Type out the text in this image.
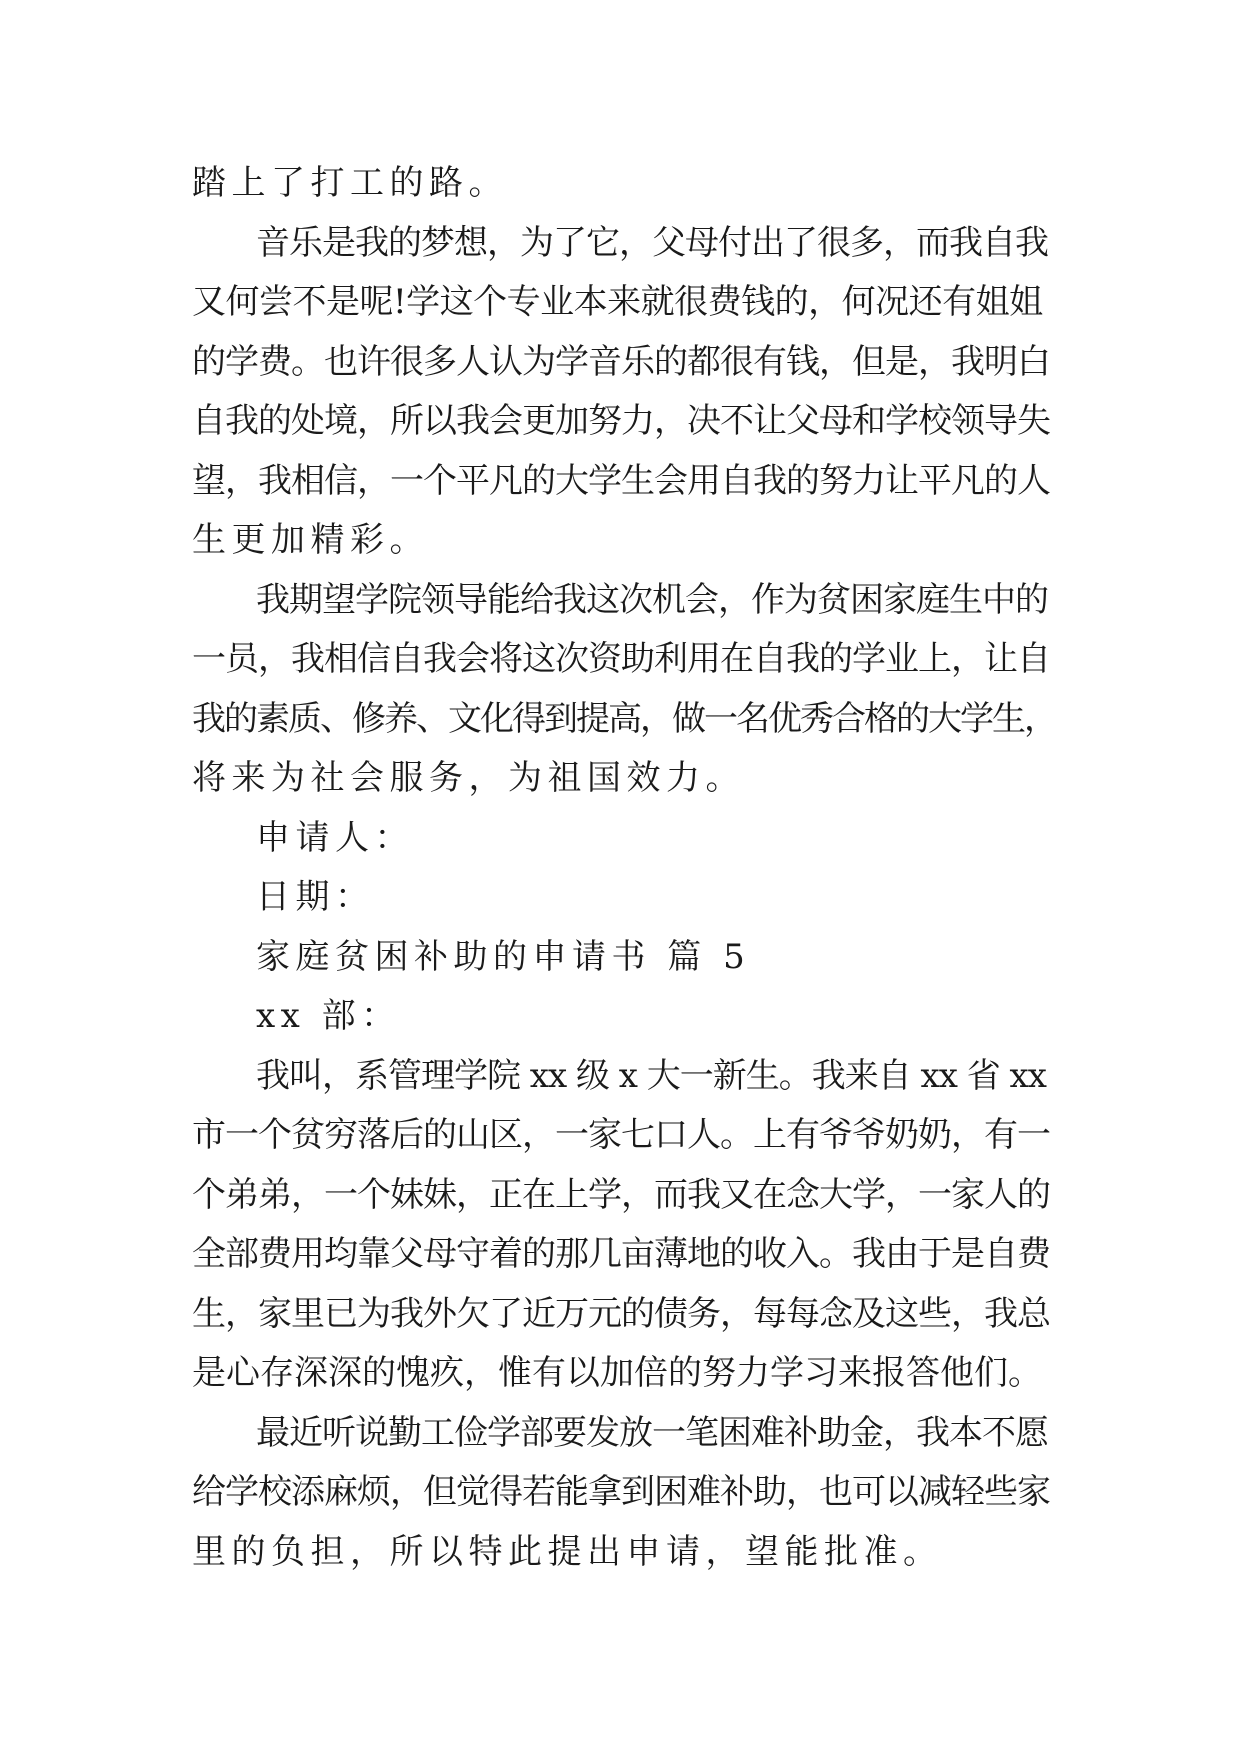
踏上了打工的路。
音乐是我的梦想，为了它，父母付出了很多，而我自我
又何尝不是呢!学这个专业本来就很费钱的，何况还有姐姐
的学费。也许很多人认为学音乐的都很有钱，但是，我明白
自我的处境，所以我会更加努力，决不让父母和学校领导失
望，我相信，一个平凡的大学生会用自我的努力让平凡的人
生更加精彩。
我期望学院领导能给我这次机会，作为贫困家庭生中的
一员，我相信自我会将这次资助利用在自我的学业上，让自
我的素质、修养、文化得到提高，做一名优秀合格的大学生，
将来为社会服务，为祖国效力。
申请人：
日期：
家庭贫困补助的申请书 篇 5
xx 部：
我叫，系管理学院 xx 级 x 大一新生。我来自 xx 省 xx
市一个贫穷落后的山区，一家七口人。上有爷爷奶奶，有一
个弟弟，一个妹妹，正在上学，而我又在念大学，一家人的
全部费用均靠父母守着的那几亩薄地的收入。我由于是自费
生，家里已为我外欠了近万元的债务，每每念及这些，我总
是心存深深的愧疚，惟有以加倍的努力学习来报答他们。
最近听说勤工俭学部要发放一笔困难补助金，我本不愿
给学校添麻烦，但觉得若能拿到困难补助，也可以减轻些家
里的负担，所以特此提出申请，望能批准。
